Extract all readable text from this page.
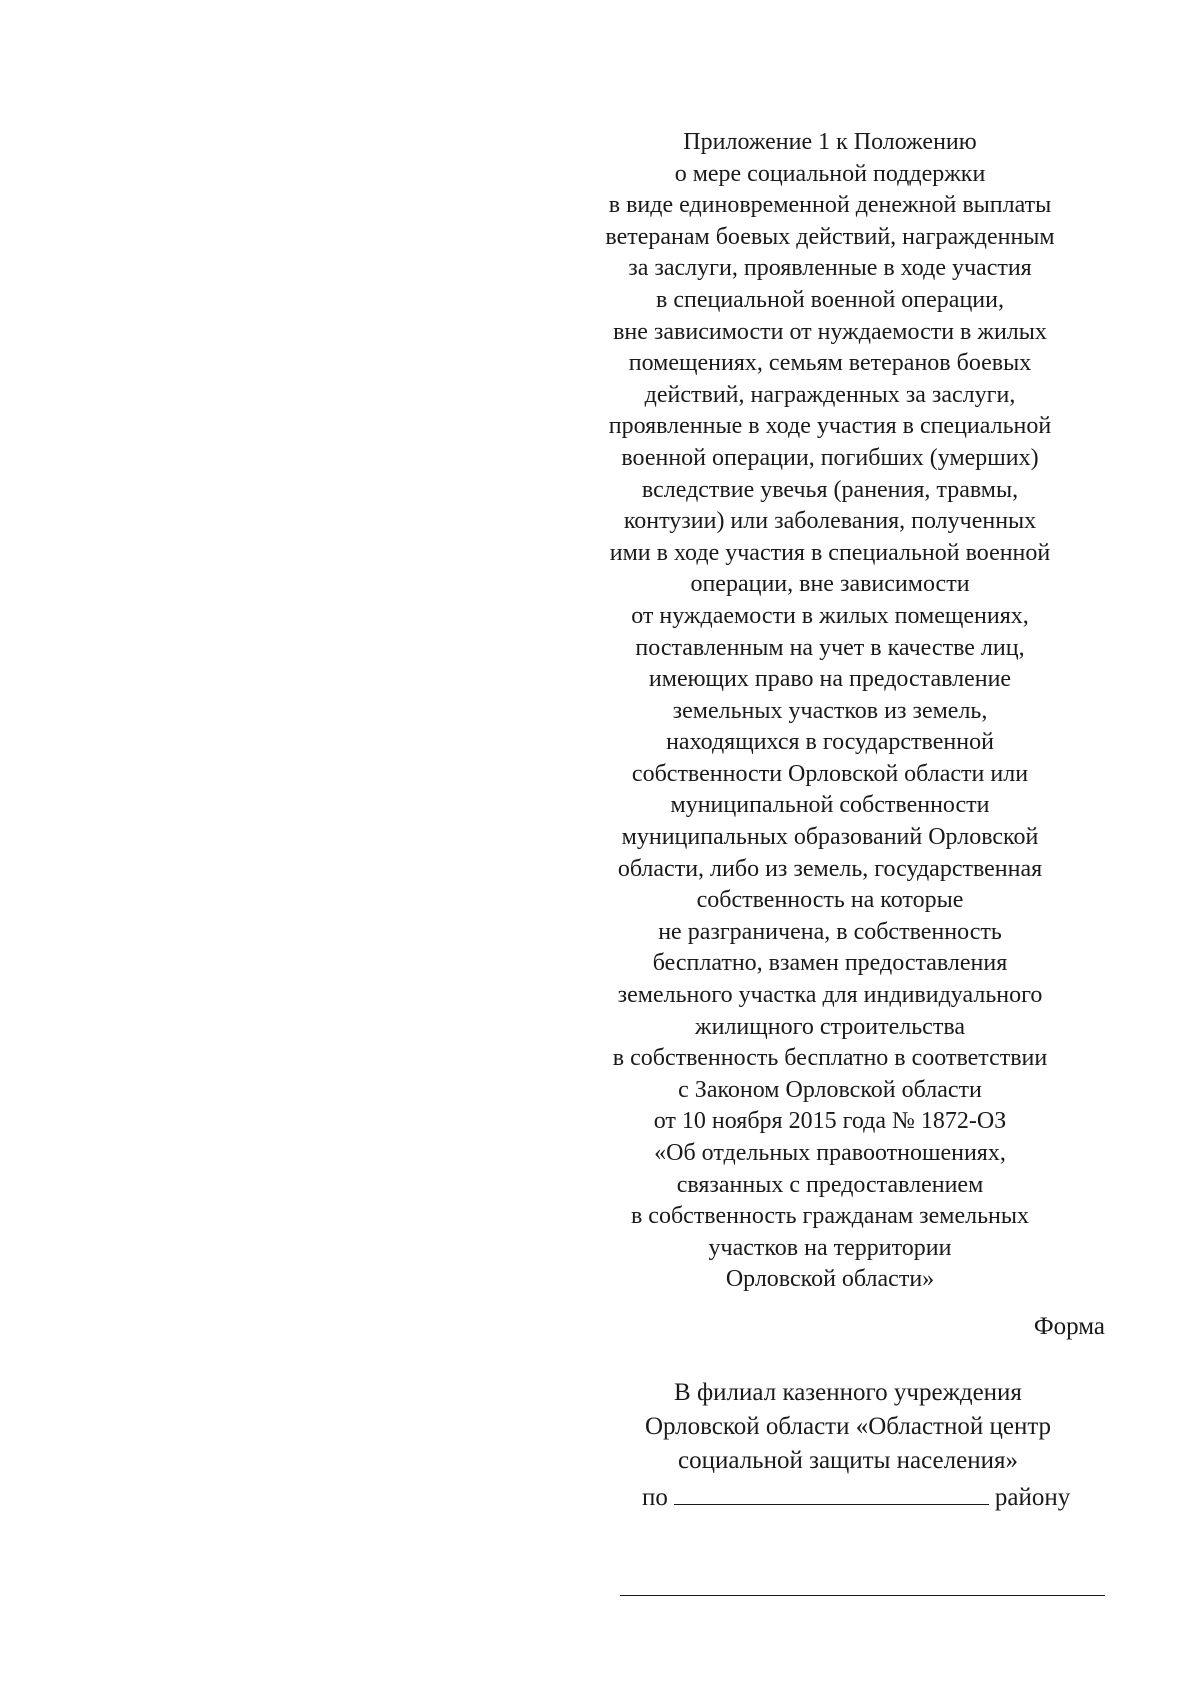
Приложение 1 к Положению
о мере социальной поддержки
в виде единовременной денежной выплаты
ветеранам боевых действий, награжденным
за заслуги, проявленные в ходе участия
в специальной военной операции,
вне зависимости от нуждаемости в жилых
помещениях, семьям ветеранов боевых
действий, награжденных за заслуги,
проявленные в ходе участия в специальной
военной операции, погибших (умерших)
вследствие увечья (ранения, травмы,
контузии) или заболевания, полученных
ими в ходе участия в специальной военной
операции, вне зависимости
от нуждаемости в жилых помещениях,
поставленным на учет в качестве лиц,
имеющих право на предоставление
земельных участков из земель,
находящихся в государственной
собственности Орловской области или
муниципальной собственности
муниципальных образований Орловской
области, либо из земель, государственная
собственность на которые
не разграничена, в собственность
бесплатно, взамен предоставления
земельного участка для индивидуального
жилищного строительства
в собственность бесплатно в соответствии
с Законом Орловской области
от 10 ноября 2015 года № 1872-ОЗ
«Об отдельных правоотношениях,
связанных с предоставлением
в собственность гражданам земельных
участков на территории
Орловской области»
Форма
В филиал казенного учреждения
Орловской области «Областной центр
социальной защиты населения»
по	району
